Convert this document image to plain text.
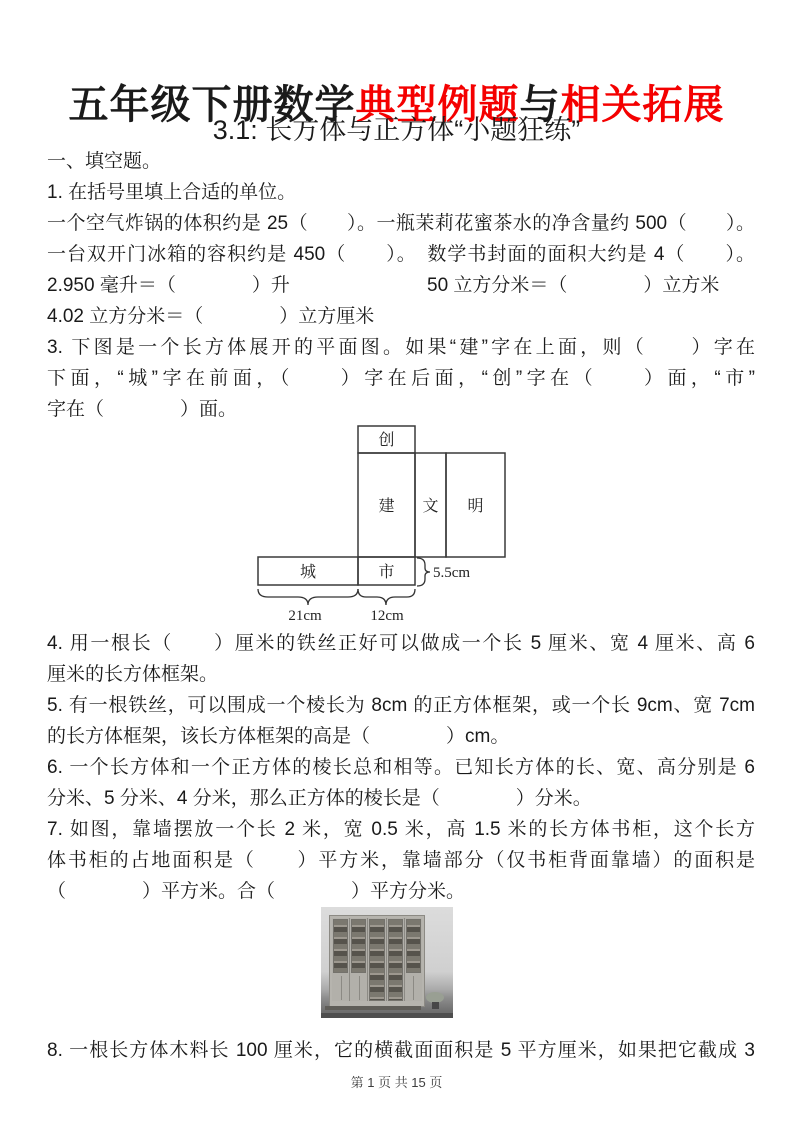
五年级下册数学典型例题与相关拓展
3.1: 长方体与正方体“小题狂练”
一、填空题。
1. 在括号里填上合适的单位。
一个空气炸锅的体积约是 25（　　）。一瓶茉莉花蜜茶水的净含量约 500（　　）。
一台双开门冰箱的容积约是 450（　　）。　数学书封面的面积大约是 4（　　）。
2.950 毫升＝（　　　　）升	50 立方分米＝（　　　　）立方米
4.02 立方分米＝（　　　　）立方厘米
3. 下图是一个长方体展开的平面图。如果“建”字在上面，则（　　）字在
下面，“城”字在前面，（　　）字在后面，“创”字在（　　）面，“市”
字在（　　　　）面。
创
建 文 明
城	市
21cm	12cm
5.5cm
4. 用一根长（　　）厘米的铁丝正好可以做成一个长 5 厘米、宽 4 厘米、高 6
厘米的长方体框架。
5. 有一根铁丝，可以围成一个棱长为 8cm 的正方体框架，或一个长 9cm、宽 7cm
的长方体框架，该长方体框架的高是（　　　　）cm。
6. 一个长方体和一个正方体的棱长总和相等。已知长方体的长、宽、高分别是 6
分米、5 分米、4 分米，那么正方体的棱长是（　　　　）分米。
7. 如图，靠墙摆放一个长 2 米，宽 0.5 米，高 1.5 米的长方体书柜，这个长方
体书柜的占地面积是（　　）平方米，靠墙部分（仅书柜背面靠墙）的面积是
（　　　　）平方米。合（　　　　）平方分米。
8. 一根长方体木料长 100 厘米，它的横截面面积是 5 平方厘米，如果把它截成 3
第 1 页 共 15 页
